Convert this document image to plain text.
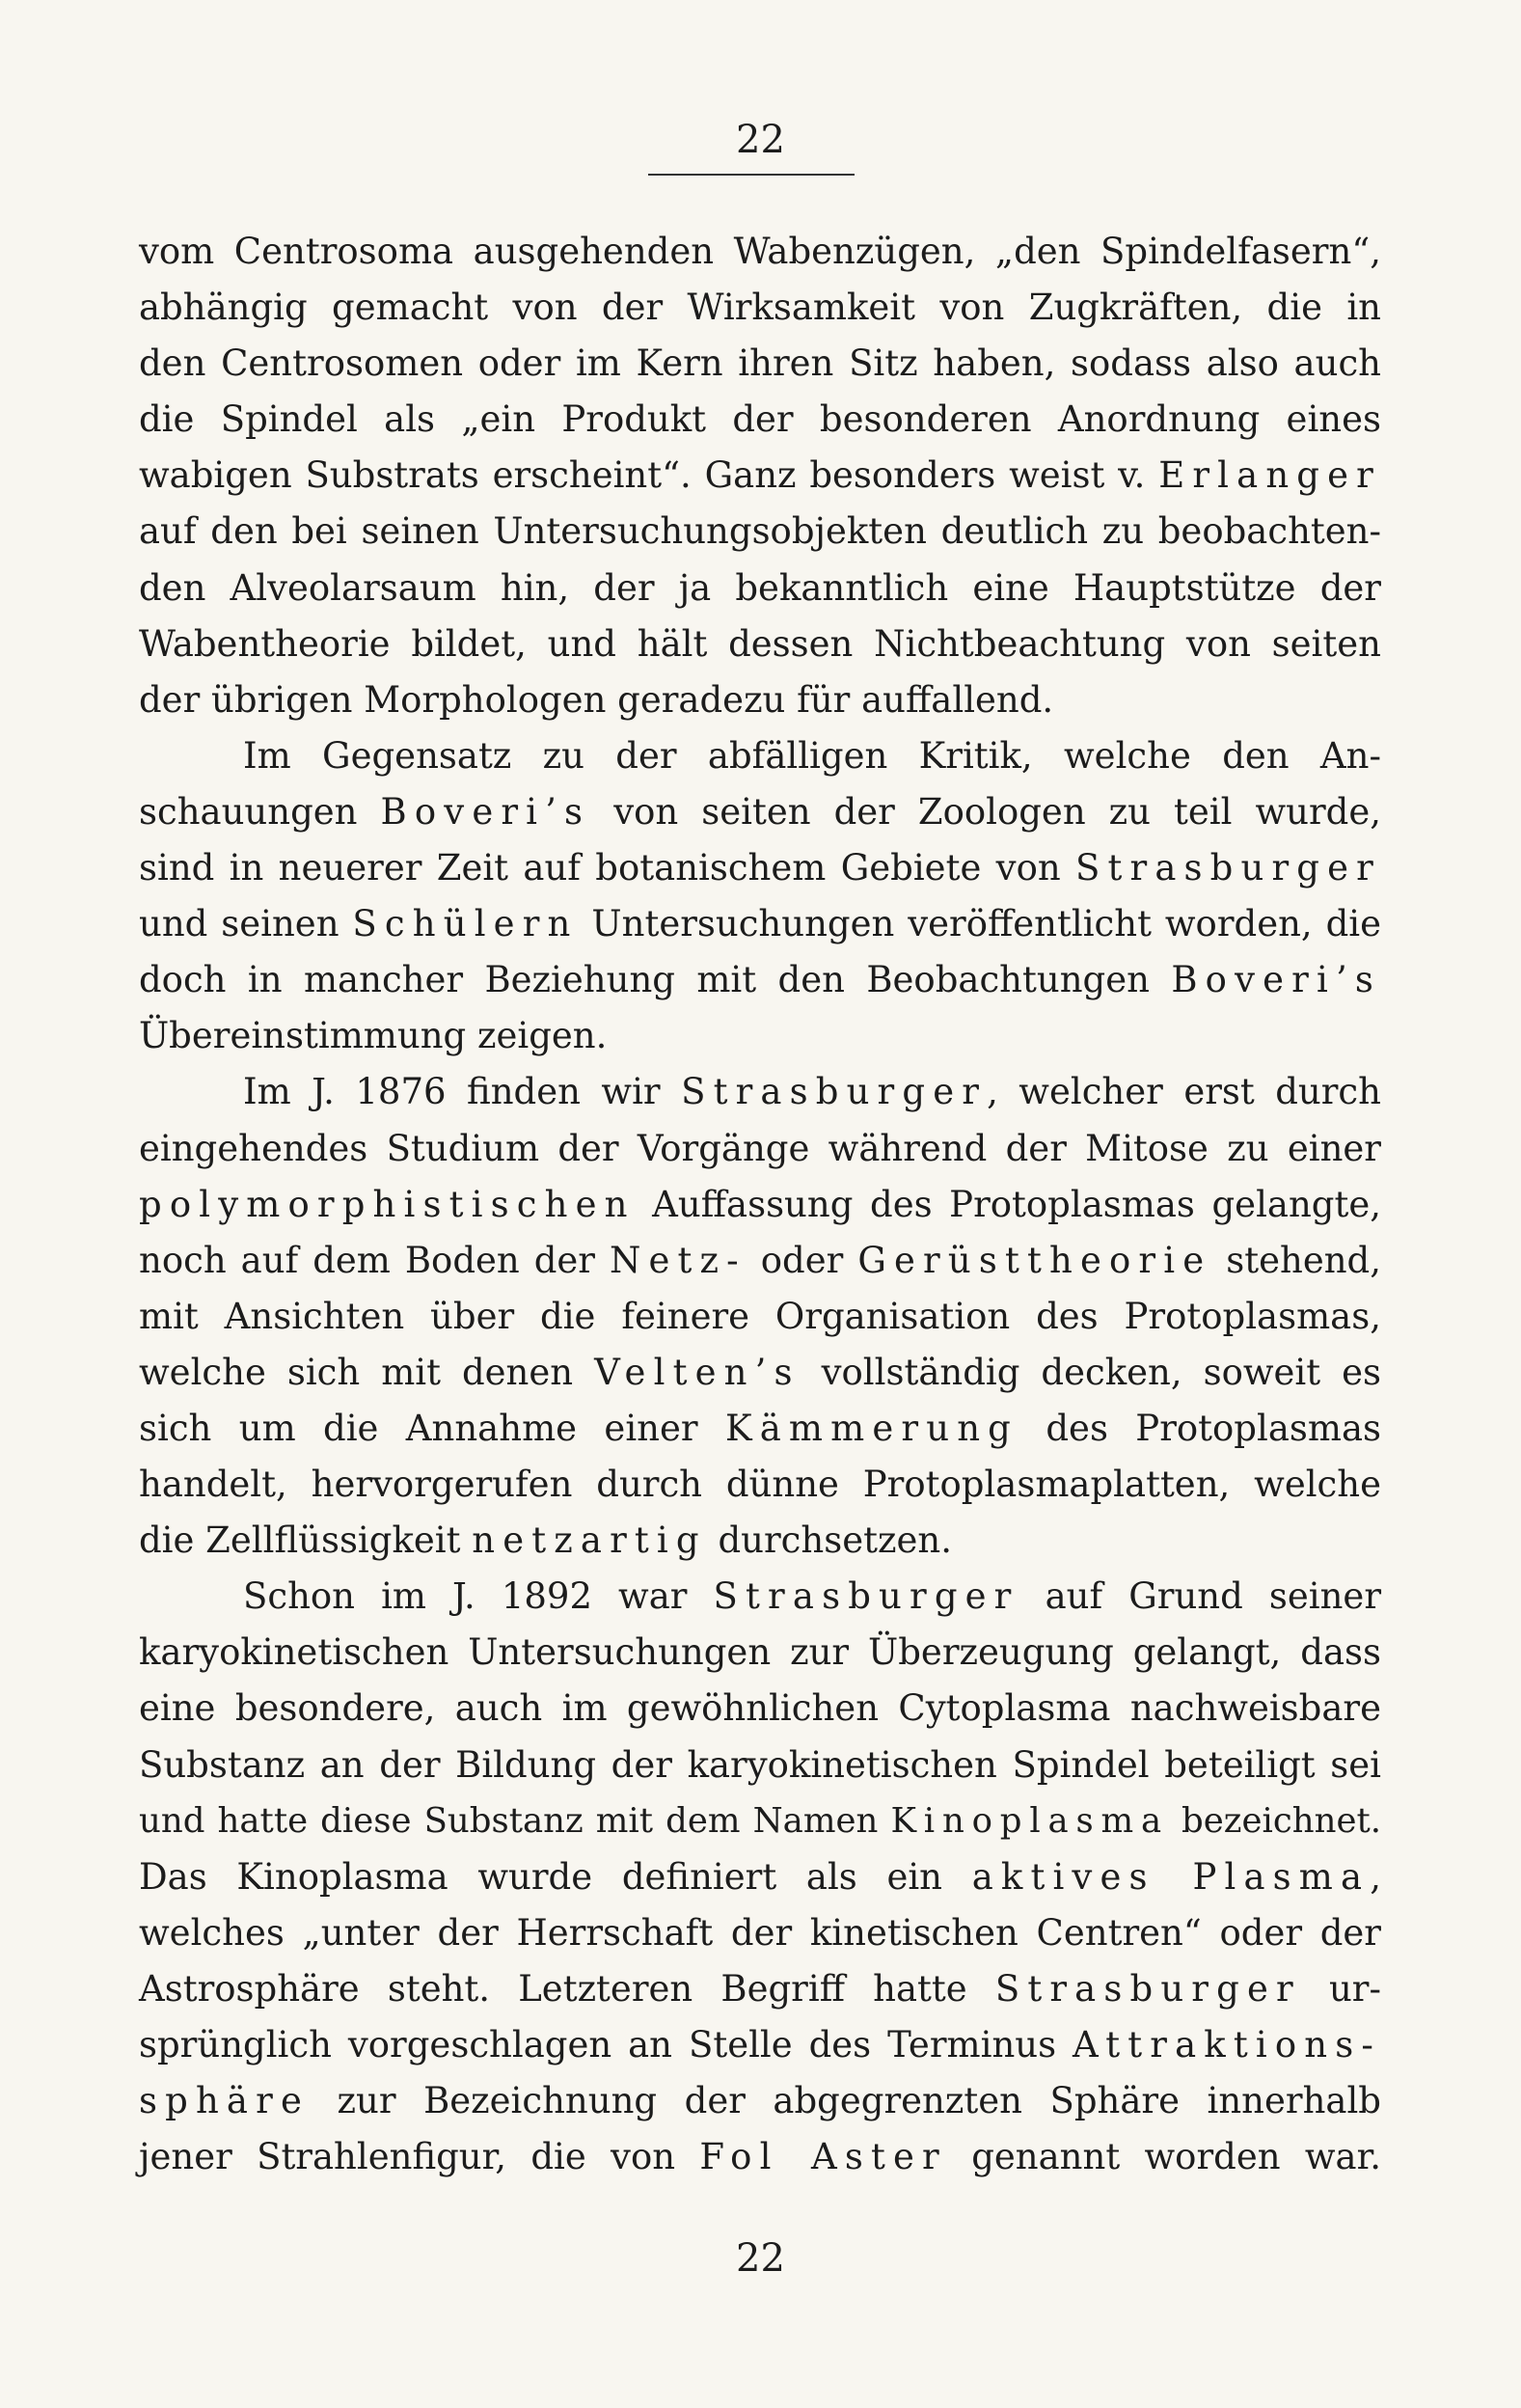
22
vom Centrosoma ausgehenden Wabenzügen, „den Spindelfasern“,
abhängig gemacht von der Wirksamkeit von Zugkräften, die in
den Centrosomen oder im Kern ihren Sitz haben, sodass also auch
die Spindel als „ein Produkt der besonderen Anordnung eines
wabigen Substrats erscheint“. Ganz besonders weist v. Erlanger
auf den bei seinen Untersuchungsobjekten deutlich zu beobachten-
den Alveolarsaum hin, der ja bekanntlich eine Hauptstütze der
Wabentheorie bildet, und hält dessen Nichtbeachtung von seiten
der übrigen Morphologen geradezu für auffallend.
Im Gegensatz zu der abfälligen Kritik, welche den An-
schauungen Boveri’s von seiten der Zoologen zu teil wurde,
sind in neuerer Zeit auf botanischem Gebiete von Strasburger
und seinen Schülern Untersuchungen veröffentlicht worden, die
doch in mancher Beziehung mit den Beobachtungen Boveri’s
Übereinstimmung zeigen.
Im J. 1876 finden wir Strasburger, welcher erst durch
eingehendes Studium der Vorgänge während der Mitose zu einer
polymorphistischen Auffassung des Protoplasmas gelangte,
noch auf dem Boden der Netz- oder Gerüsttheorie stehend,
mit Ansichten über die feinere Organisation des Protoplasmas,
welche sich mit denen Velten’s vollständig decken, soweit es
sich um die Annahme einer Kämmerung des Protoplasmas
handelt, hervorgerufen durch dünne Protoplasmaplatten, welche
die Zellflüssigkeit netzartig durchsetzen.
Schon im J. 1892 war Strasburger auf Grund seiner
karyokinetischen Untersuchungen zur Überzeugung gelangt, dass
eine besondere, auch im gewöhnlichen Cytoplasma nachweisbare
Substanz an der Bildung der karyokinetischen Spindel beteiligt sei
und hatte diese Substanz mit dem Namen Kinoplasma bezeichnet.
Das Kinoplasma wurde definiert als ein aktives Plasma,
welches „unter der Herrschaft der kinetischen Centren“ oder der
Astrosphäre steht. Letzteren Begriff hatte Strasburger ur-
sprünglich vorgeschlagen an Stelle des Terminus Attraktions-
sphäre zur Bezeichnung der abgegrenzten Sphäre innerhalb
jener Strahlenfigur, die von Fol Aster genannt worden war.
22
